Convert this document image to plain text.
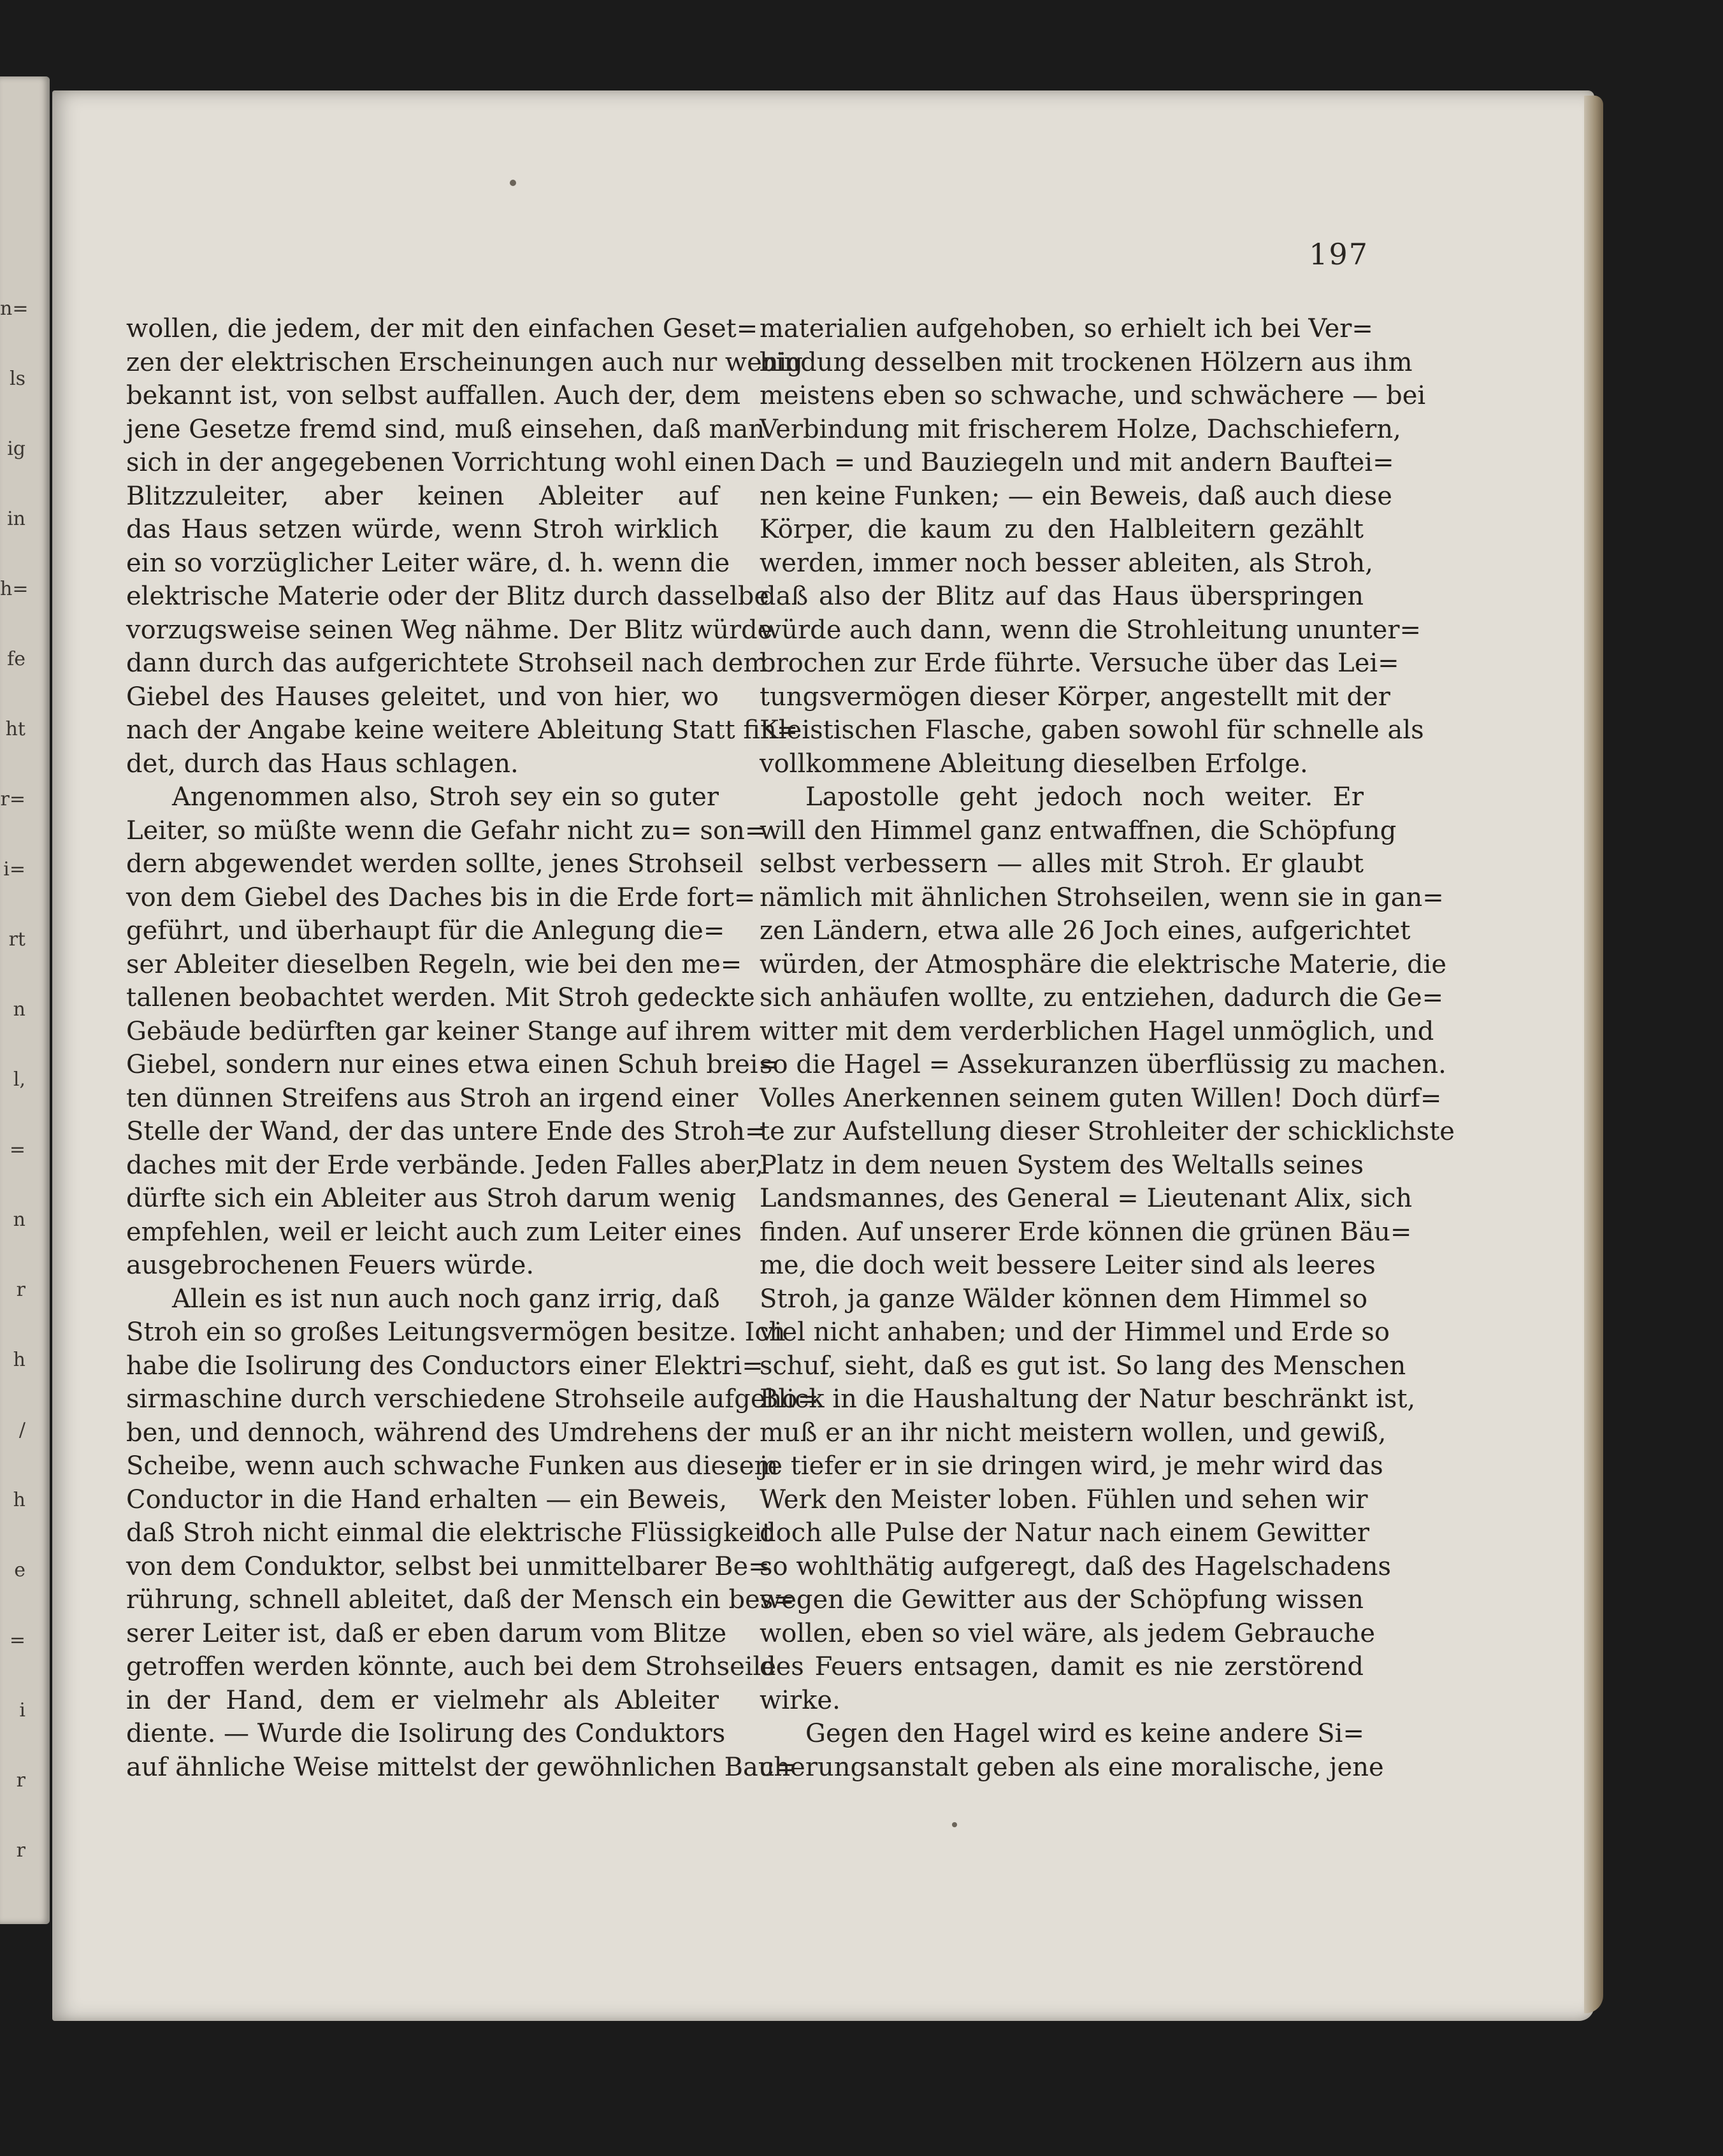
n=
ls
ig
in
h=
fe
ht
r=
i=
rt
n
l,
=
n
r
h
/
h
e
=
i
r
r
197
wollen, die jedem, der mit den einfachen Geset=
zen der elektrischen Erscheinungen auch nur wenig
bekannt ist, von selbst auffallen. Auch der, dem
jene Gesetze fremd sind, muß einsehen, daß man
sich in der angegebenen Vorrichtung wohl einen
Blitzzuleiter, aber keinen Ableiter auf
das Haus setzen würde, wenn Stroh wirklich
ein so vorzüglicher Leiter wäre, d. h. wenn die
elektrische Materie oder der Blitz durch dasselbe
vorzugsweise seinen Weg nähme. Der Blitz würde
dann durch das aufgerichtete Strohseil nach dem
Giebel des Hauses geleitet, und von hier, wo
nach der Angabe keine weitere Ableitung Statt fin=
det, durch das Haus schlagen.
Angenommen also, Stroh sey ein so guter
Leiter, so müßte wenn die Gefahr nicht zu= son=
dern abgewendet werden sollte, jenes Strohseil
von dem Giebel des Daches bis in die Erde fort=
geführt, und überhaupt für die Anlegung die=
ser Ableiter dieselben Regeln, wie bei den me=
tallenen beobachtet werden. Mit Stroh gedeckte
Gebäude bedürften gar keiner Stange auf ihrem
Giebel, sondern nur eines etwa einen Schuh brei=
ten dünnen Streifens aus Stroh an irgend einer
Stelle der Wand, der das untere Ende des Stroh=
daches mit der Erde verbände. Jeden Falles aber,
dürfte sich ein Ableiter aus Stroh darum wenig
empfehlen, weil er leicht auch zum Leiter eines
ausgebrochenen Feuers würde.
Allein es ist nun auch noch ganz irrig, daß
Stroh ein so großes Leitungsvermögen besitze. Ich
habe die Isolirung des Conductors einer Elektri=
sirmaschine durch verschiedene Strohseile aufgeho=
ben, und dennoch, während des Umdrehens der
Scheibe, wenn auch schwache Funken aus diesem
Conductor in die Hand erhalten — ein Beweis,
daß Stroh nicht einmal die elektrische Flüssigkeit
von dem Conduktor, selbst bei unmittelbarer Be=
rührung, schnell ableitet, daß der Mensch ein bes=
serer Leiter ist, daß er eben darum vom Blitze
getroffen werden könnte, auch bei dem Strohseile
in der Hand, dem er vielmehr als Ableiter
diente. — Wurde die Isolirung des Conduktors
auf ähnliche Weise mittelst der gewöhnlichen Bau=
materialien aufgehoben, so erhielt ich bei Ver=
bindung desselben mit trockenen Hölzern aus ihm
meistens eben so schwache, und schwächere — bei
Verbindung mit frischerem Holze, Dachschiefern,
Dach = und Bauziegeln und mit andern Bauftei=
nen keine Funken; — ein Beweis, daß auch diese
Körper, die kaum zu den Halbleitern gezählt
werden, immer noch besser ableiten, als Stroh,
daß also der Blitz auf das Haus überspringen
würde auch dann, wenn die Strohleitung ununter=
brochen zur Erde führte. Versuche über das Lei=
tungsvermögen dieser Körper, angestellt mit der
Kleistischen Flasche, gaben sowohl für schnelle als
vollkommene Ableitung dieselben Erfolge.
Lapostolle geht jedoch noch weiter. Er
will den Himmel ganz entwaffnen, die Schöpfung
selbst verbessern — alles mit Stroh. Er glaubt
nämlich mit ähnlichen Strohseilen, wenn sie in gan=
zen Ländern, etwa alle 26 Joch eines, aufgerichtet
würden, der Atmosphäre die elektrische Materie, die
sich anhäufen wollte, zu entziehen, dadurch die Ge=
witter mit dem verderblichen Hagel unmöglich, und
so die Hagel = Assekuranzen überflüssig zu machen.
Volles Anerkennen seinem guten Willen! Doch dürf=
te zur Aufstellung dieser Strohleiter der schicklichste
Platz in dem neuen System des Weltalls seines
Landsmannes, des General = Lieutenant Alix, sich
finden. Auf unserer Erde können die grünen Bäu=
me, die doch weit bessere Leiter sind als leeres
Stroh, ja ganze Wälder können dem Himmel so
viel nicht anhaben; und der Himmel und Erde so
schuf, sieht, daß es gut ist. So lang des Menschen
Blick in die Haushaltung der Natur beschränkt ist,
muß er an ihr nicht meistern wollen, und gewiß,
je tiefer er in sie dringen wird, je mehr wird das
Werk den Meister loben. Fühlen und sehen wir
doch alle Pulse der Natur nach einem Gewitter
so wohlthätig aufgeregt, daß des Hagelschadens
wegen die Gewitter aus der Schöpfung wissen
wollen, eben so viel wäre, als jedem Gebrauche
des Feuers entsagen, damit es nie zerstörend
wirke.
Gegen den Hagel wird es keine andere Si=
cherungsanstalt geben als eine moralische, jene
